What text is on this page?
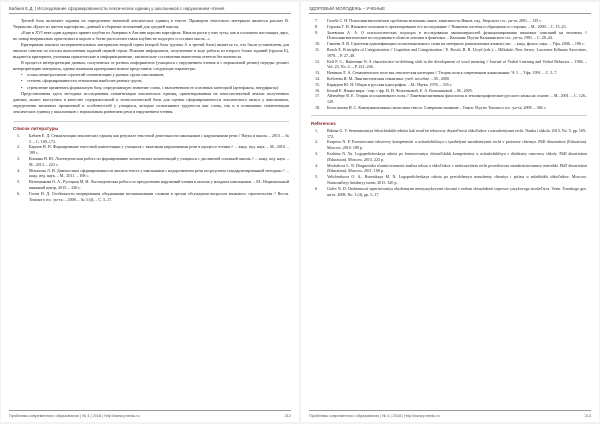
Бабаев Е.Д. | Исследование сформированности лексических единиц у школьников с нарушением чтения

Третий блок включает задания на определение значений лексических единиц в тексте. Примером текстового материала является рассказ В. Черкасова «Букет из цветов картофеля», данный в сборнике изложений для средней школы.

«Еще в XVI веке один адмирал привез клубни из Америки в Англию королю картофеля. Начали расти у них туты, как и положено настоящих двух, но повар неправильно приготовил и короле к ботве растолочен такая клубни не подогрел и оставил масла...»

Критериями анализа экспериментальных материалов второй серии (второй блок группы А и третий блок) является то, что были установлены для анализа ответов по итогам выполнения заданий первой серии. Показан информатом, полученные в ходе работы из второго блока заданий (группа Б), выдаются критерием, учитывая практические и информационные, тактические составлении вынесения ответов без контекста.

В процессе интерпретации данных, полученных от разных информантов (учащихся с нарушением чтения и с нормальной речью) нередко делают интерпретацию материала, однако важными критериями можно представить следующие параметры:

• осмысление/различие стратегий семантизации у разных групп школьников;
• степень сформированности отношения наиболее разных групп;
• стремление применить формальную базу, определяющую значение слова, с вычленением ее основных категорий (артефакты, натурфакты)

Представленная здесь методика исследования семантизации лексических единиц, ориентированная на многоаспектный анализ полученных данных, может выступить в качестве содержательной и технологической базы для оценки сформированности лексического запаса у школьников, определения типичных проявлений и особенностей у учащихся, которые испытывают трудности как слова, так и в понимании семантизации лексических единиц у школьников с нормальным развитием речи и нарушением чтения.

Список литературы
1. Бабаев Е. Д. Семантизация лексических единиц как результат текстовой деятельности школьников с нарушениями речи // Наука и школа. – 2013. – № 5. – С. 169–172.
2. Карпов Н. П. Формирование текстовой компетенции у учащихся с тяжелыми нарушениями речи в процессе чтения // ... канд. пед. наук. – М., 2010. – 189 с.
3. Кошина Н. Ю. Логопедическая работа по формированию читательских компетенций у учащихся с дислексией основной школы // ... канд. пед. наук. – М., 2013. – 223 с.
4. Мочалова Л. Н. Диагностика сформированности анализа текста у школьников с недоразвитием речи посредством стандартизированной методики // ... канд. пед. наук. – М., 2011. – 168 с.
5. Величенкова О. А., Русецкая М. Н. Логопедическая работа по преодолению нарушений чтения и письма у младших школьников. – М.: Национальный книжный центр, 2015. – 320 с.
6. Гохем Н. Д. Особенности оперирования обыденными метаязыковыми словами в зрелом обсуждении вопросом языкового строительства // Вестн. Томского гос. ун-та. – 2008. – № 3 (4). – С. 5–17.
Проблемы современного образования | № 4 | 2018 | http://www.pmedu.ru	212
ЗДОРОВЫЙ МОЛОДЕЖЬ – УЧЕНЫЕ
7. Гохеба С. Н. Психолингвистические проблемы величины лингв. зависимости Ивнов. изд. Тверского гос. ун-та, 2001. – 135 с.
8. Горлова Т. Н. Языковое описание и проектирование его исследование // Языковая система и обращения со стороны. – М., 2000. – С. 15–23.
9. Залевская А. А. О психологических подходах в исследовании закономерностей функционирования языковых описаний на человека // Психолингвистические исследования в области лексики и фонетики. – Калинин: Изд-во Калининского гос. ун-та, 1981. – С. 28–44.
10. Ганеева Л. В. Стратегия идентификации полисемантичного слова на материале разноязычных языков (лис. ... канд. филол. наук. – Уфа, 2006. – 196 с.
11. Rosch E. Principles of Categorization // Cognition and Categorization / E. Rosch, B. B. Lloyd (eds.). – Hillsdale, New Jersey: Lawrence Erlbaum Associates, 1978. – P. 27–48.
12. Keil F. C., Batterman N. A characteristic-to-defining shift in the development of word meaning // Journal of Verbal Learning and Verbal Behavior. – 1984. – Vol. 23, No. 2. – P. 221–236.
13. Новиков Л. А. Семантическое поле как лексическая категория // Теория поля в современном языкознании. Ч. 1. – Уфа, 1991. – С. 5–7.
14. Кобозева И. М. Лингвистическая семантика: учеб. пособие. – М., 2000.
15. Карауров Ю. Н. Общая и русская идеография. – М.: Наука, 1976. – 355 с.
16. Белый Е. Языки мира. / пер. с фр. И. И. Чельтиковой, Е. А. Возьмановой. – М., 2005.
17. Айзенберг В. Е. Теория ассоциативного поля // Лингвокогнитивная филология и лексикографические русского языка на основе. – М., 2001. – С. 126–129.
18. Белоглазова Н. С. Коммуникативная стилистика текста. Совершенствование – Томск: Изд-во Томского гос. ун-та, 2009. – 384 с.
References
1. Babina G. V. Semantizatsiya leksicheskikh edinits kak rezul'tat tekstovoy deyatel'nosti shkol'nikov s narusheniyami rechi. Nauka i shkola. 2013, No. 5, pp. 169–172.
2. Karpova N. P. Formirovanie tekstovoy kompetentsii u uchashchikhsya s tyazhelymi narusheniyami rechi v protsesse chteniya. PhD dissertation (Education). Moscow, 2010. 189 p.
3. Koshina N. Yu. Logopedicheskaya rabota po formirovaniyu chitatel'skikh kompetentsiy u uchashchikhsya s disleksiey osnovnoy shkoly. PhD dissertation (Education). Moscow, 2013. 223 p.
4. Mochalova L. N. Diagnostika sformirovannosti analiza teksta u shkol'nikov s nedorazvitiem rechi posredstvom standartizirovannoy metodiki. PhD dissertation (Education). Moscow, 2011. 168 p.
5. Velichenkova O. A., Rusetskaya M. N. Logopedicheskaya rabota po preodoleniyu narusheniy chteniya i pis'ma u mladshikh shkol'nikov. Moscow: Natsional'nyy knizhnyy tsentr, 2015. 320 p.
6. Golev N. D. Osobennosti seperirovaniya obydennymi metayazykovymi slovami v zrelom obsuzhdenii voprosov yazykovogo stroitel'stva. Vestn. Tomskogo gos. un-ta. 2008, No. 3 (4), pp. 5–17.
Проблемы современного образования | № 4 | 2018 | http://www.pmedu.ru	213
